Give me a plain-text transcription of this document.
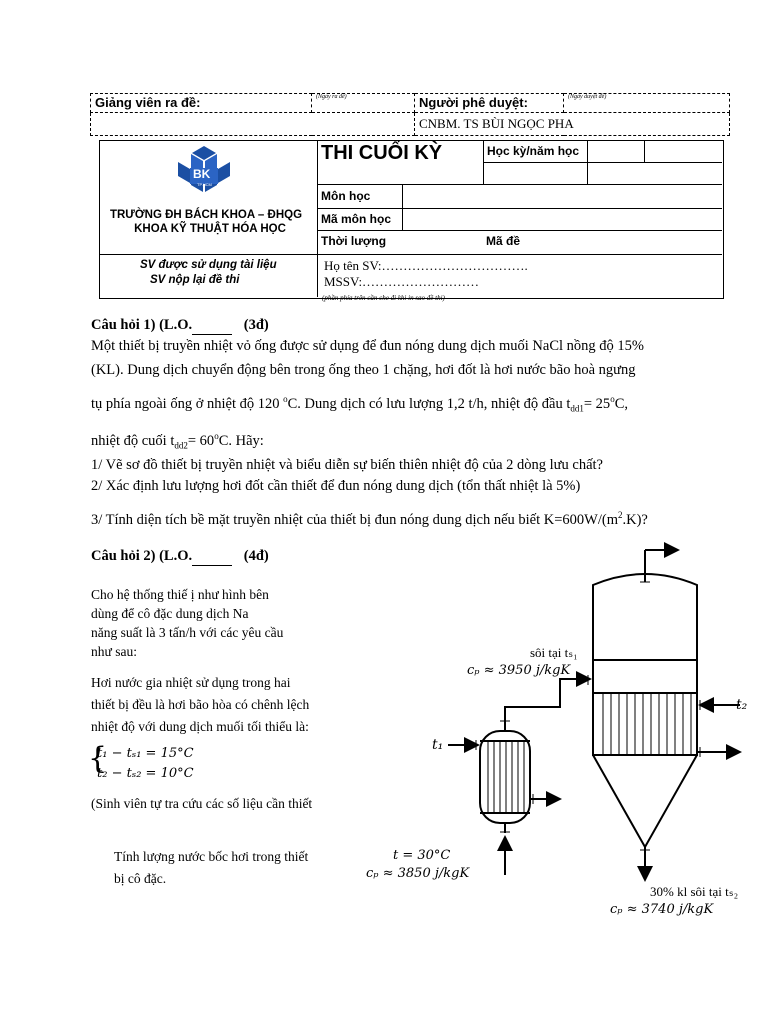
Giảng viên ra đề:	$^{(Ngày ra đề)}$	Người phê duyệt:	$^{(Ngày duyệt đề)}$
		CNBM. TS BÙI NGỌC PHA	
BK
TP.HCM
TRƯỜNG ĐH BÁCH KHOA – ĐHQG
KHOA KỸ THUẬT HÓA HỌC
THI CUỐI KỲ	Học kỳ/năm học
Môn học
Mã môn học
Thời lượng	Mã đề
SV được sử dụng tài liệu
SV nộp lại đề thi
Họ tên SV:…………………………….
MSSV:………………………
(phần phía trên cần che đi khi in sao đề thi)
Câu hỏi 1) (L.O.	(3đ)
Một thiết bị truyền nhiệt vỏ ống được sử dụng để đun nóng dung dịch muối NaCl nồng độ 15%
(KL). Dung dịch chuyển động bên trong ống theo 1 chặng, hơi đốt là hơi nước bão hoà ngưng
tụ phía ngoài ống ở nhiệt độ 120 $^o$C. Dung dịch có lưu lượng 1,2 t/h, nhiệt độ đầu $t_{dd1}= 25^oC$,
nhiệt độ cuối $t_{dd2}= 60^oC$. Hãy:
1/ Vẽ sơ đồ thiết bị truyền nhiệt và biểu diễn sự biến thiên nhiệt độ của 2 dòng lưu chất?
2/ Xác định lưu lượng hơi đốt cần thiết để đun nóng dung dịch (tổn thất nhiệt là 5%)
3/ Tính diện tích bề mặt truyền nhiệt của thiết bị đun nóng dung dịch nếu biết $K=600W/(m^2.K)$?
Câu hỏi 2) (L.O.	(4đ)
Cho hệ thống thiế ị như hình bên
dùng để cô đặc dung dịch Na
năng suất là 3 tấn/h với các yêu cầu
như sau:
Hơi nước gia nhiệt sử dụng trong hai
thiết bị đều là hơi bão hòa có chênh lệch
nhiệt độ với dung dịch muối tối thiểu là:
{
t₁ − tₛ₁ = 15°C
t₂ − tₛ₂ = 10°C
(Sinh viên tự tra cứu các số liệu cần thiết
Tính lượng nước bốc hơi trong thiết
bị cô đặc.
sôi tại tₛ₁
cₚ ≈ 3950 j/kgK
t₂
t₁
t = 30°C
cₚ ≈ 3850 j/kgK
30% kl sôi tại tₛ₂
cₚ ≈ 3740 j/kgK
